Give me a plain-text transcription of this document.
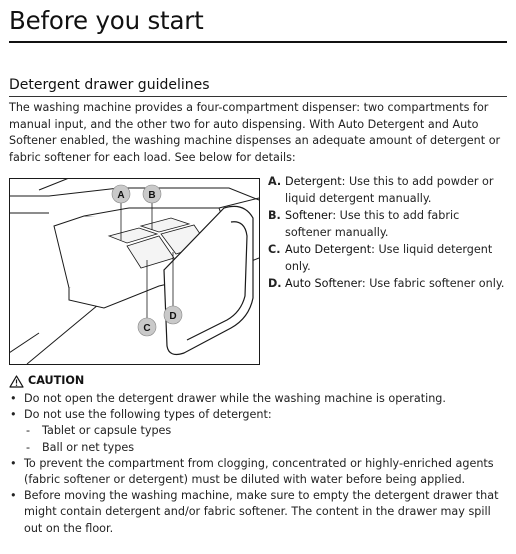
Before you start
Detergent drawer guidelines
The washing machine provides a four-compartment dispenser: two compartments for manual input, and the other two for auto dispensing. With Auto Detergent and Auto Softener enabled, the washing machine dispenses an adequate amount of detergent or fabric softener for each load. See below for details:
A B
C
D
A. Detergent: Use this to add powder or liquid detergent manually.
B. Softener: Use this to add fabric softener manually.
C. Auto Detergent: Use liquid detergent only.
D. Auto Softener: Use fabric softener only.
CAUTION
• Do not open the detergent drawer while the washing machine is operating.
• Do not use the following types of detergent:
- Tablet or capsule types
- Ball or net types
• To prevent the compartment from clogging, concentrated or highly-enriched agents (fabric softener or detergent) must be diluted with water before being applied.
• Before moving the washing machine, make sure to empty the detergent drawer that might contain detergent and/or fabric softener. The content in the drawer may spill out on the floor.
